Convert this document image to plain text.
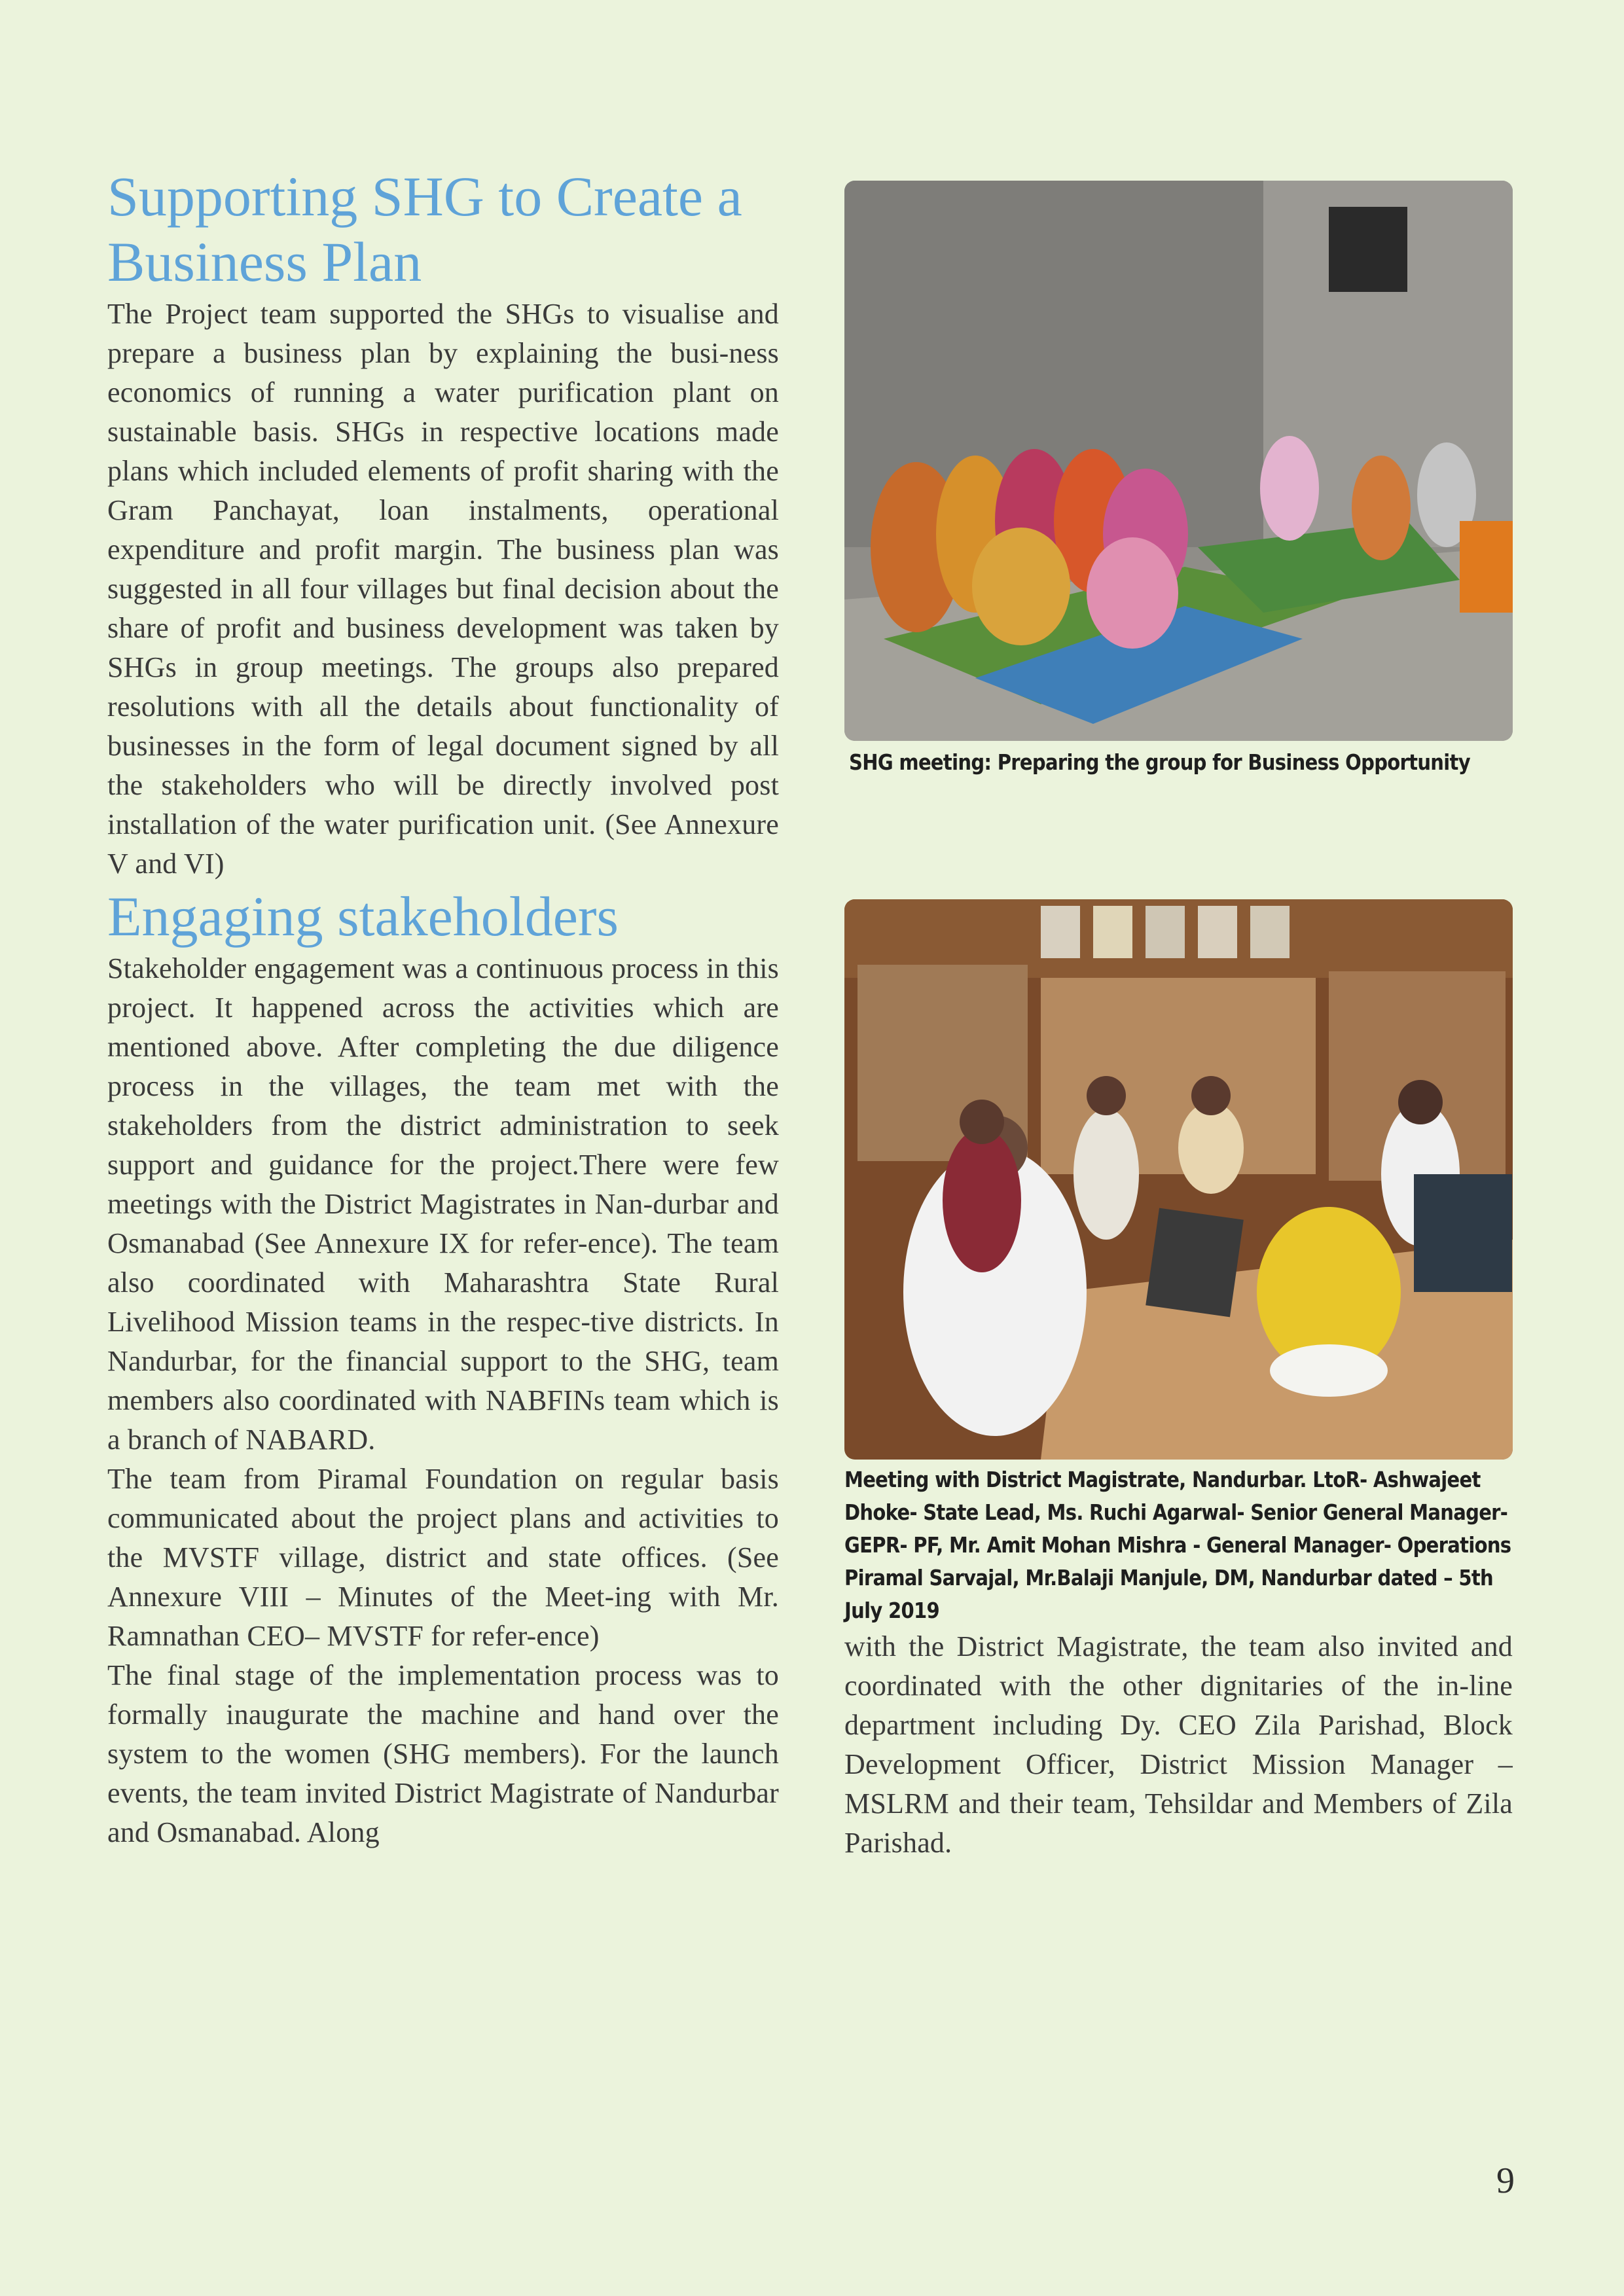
Supporting SHG to Create a Business Plan

The Project team supported the SHGs to visualise and prepare a business plan by explaining the busi-ness economics of running a water purification plant on sustainable basis. SHGs in respective locations made plans which included elements of profit sharing with the Gram Panchayat, loan instalments, operational expenditure and profit margin. The business plan was suggested in all four villages but final decision about the share of profit and business development was taken by SHGs in group meetings. The groups also prepared resolutions with all the details about functionality of businesses in the form of legal document signed by all the stakeholders who will be directly involved post installation of the water purification unit. (See Annexure V and VI)

Engaging stakeholders

Stakeholder engagement was a continuous process in this project. It happened across the activities which are mentioned above. After completing the due diligence process in the villages, the team met with the stakeholders from the district administration to seek support and guidance for the project.There were few meetings with the District Magistrates in Nan-durbar and Osmanabad (See Annexure IX for refer-ence). The team also coordinated with Maharashtra State Rural Livelihood Mission teams in the respec-tive districts. In Nandurbar, for the financial support to the SHG, team members also coordinated with NABFINs team which is a branch of NABARD.

The team from Piramal Foundation on regular basis communicated about the project plans and activities to the MVSTF village, district and state offices. (See Annexure VIII – Minutes of the Meet-ing with Mr. Ramnathan CEO– MVSTF for refer-ence)

The final stage of the implementation process was to formally inaugurate the machine and hand over the system to the women (SHG members). For the launch events, the team invited District Magistrate of Nandurbar and Osmanabad. Along

SHG meeting: Preparing the group for Business Opportunity

Meeting with District Magistrate, Nandurbar. LtoR- Ashwajeet Dhoke- State Lead, Ms. Ruchi Agarwal- Senior General Manager- GEPR- PF, Mr. Amit Mohan Mishra - General Manager- Operations Piramal Sarvajal, Mr.Balaji Manjule, DM, Nandurbar dated – 5th July 2019

with the District Magistrate, the team also invited and coordinated with the other dignitaries of the in-line department including Dy. CEO Zila Parishad, Block Development Officer, District Mission Manager – MSLRM and their team, Tehsildar and Members of Zila Parishad.

9
